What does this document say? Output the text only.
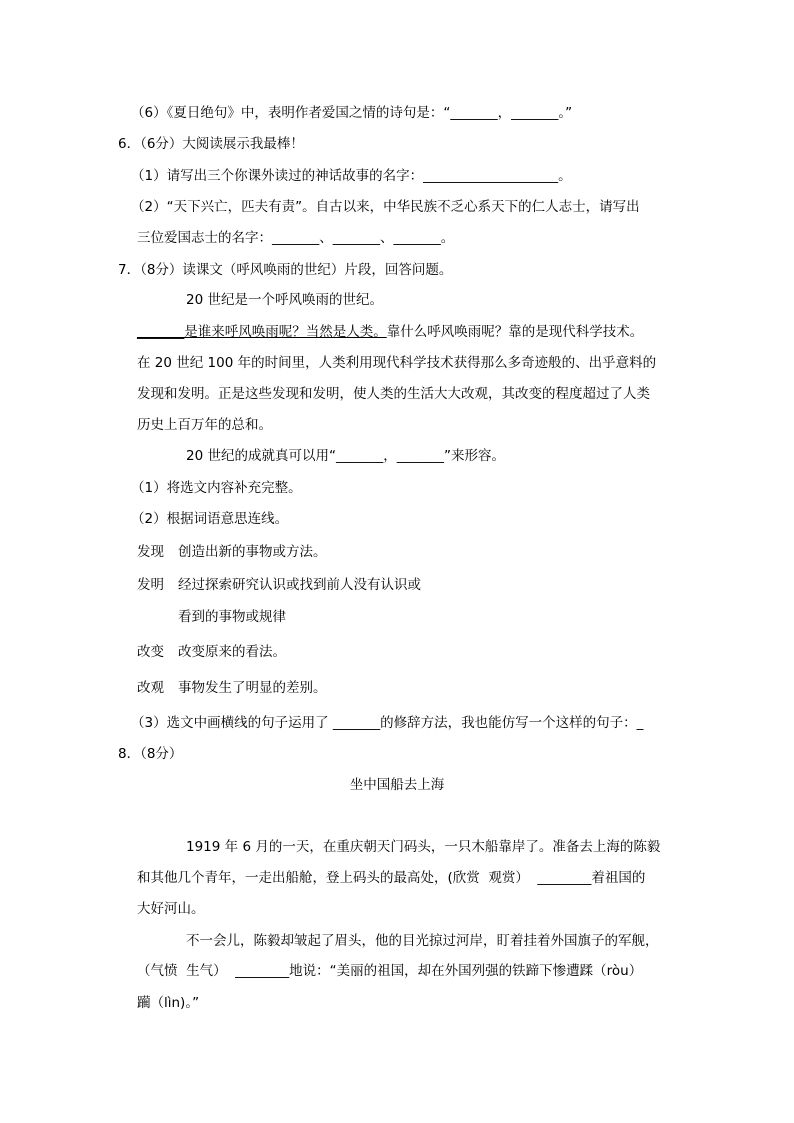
（6）《夏日绝句》中，表明作者爱国之情的诗句是：“_______，_______。”
6．（6分）大阅读展示我最棒！
（1）请写出三个你课外读过的神话故事的名字：____________________。
（2）“天下兴亡，匹夫有责”。自古以来，中华民族不乏心系天下的仁人志士，请写出
三位爱国志士的名字：_______、_______、_______。
7．（8分）读课文（呼风唤雨的世纪）片段，回答问题。
20 世纪是一个呼风唤雨的世纪。
_______是谁来呼风唤雨呢？当然是人类。靠什么呼风唤雨呢？靠的是现代科学技术。
在 20 世纪 100 年的时间里，人类利用现代科学技术获得那么多奇迹般的、出乎意料的
发现和发明。正是这些发现和发明，使人类的生活大大改观，其改变的程度超过了人类
历史上百万年的总和。
20 世纪的成就真可以用“_______，_______”来形容。
（1）将选文内容补充完整。
（2）根据词语意思连线。
发现 创造出新的事物或方法。
发明 经过探索研究认识或找到前人没有认识或
看到的事物或规律
改变 改变原来的看法。
改观 事物发生了明显的差别。
（3）选文中画横线的句子运用了 _______的修辞方法，我也能仿写一个这样的句子：_
8．（8分）
坐中国船去上海
1919 年 6 月的一天，在重庆朝天门码头，一只木船靠岸了。准备去上海的陈毅
和其他几个青年，一走出船舱，登上码头的最高处，(欣赏  观赏）  ________着祖国的
大好河山。
不一会儿，陈毅却皱起了眉头，他的目光掠过河岸，盯着挂着外国旗子的军舰，
（气愤  生气）  ________地说：“美丽的祖国，却在外国列强的铁蹄下惨遭蹂（ròu）
躏（lìn)。”
